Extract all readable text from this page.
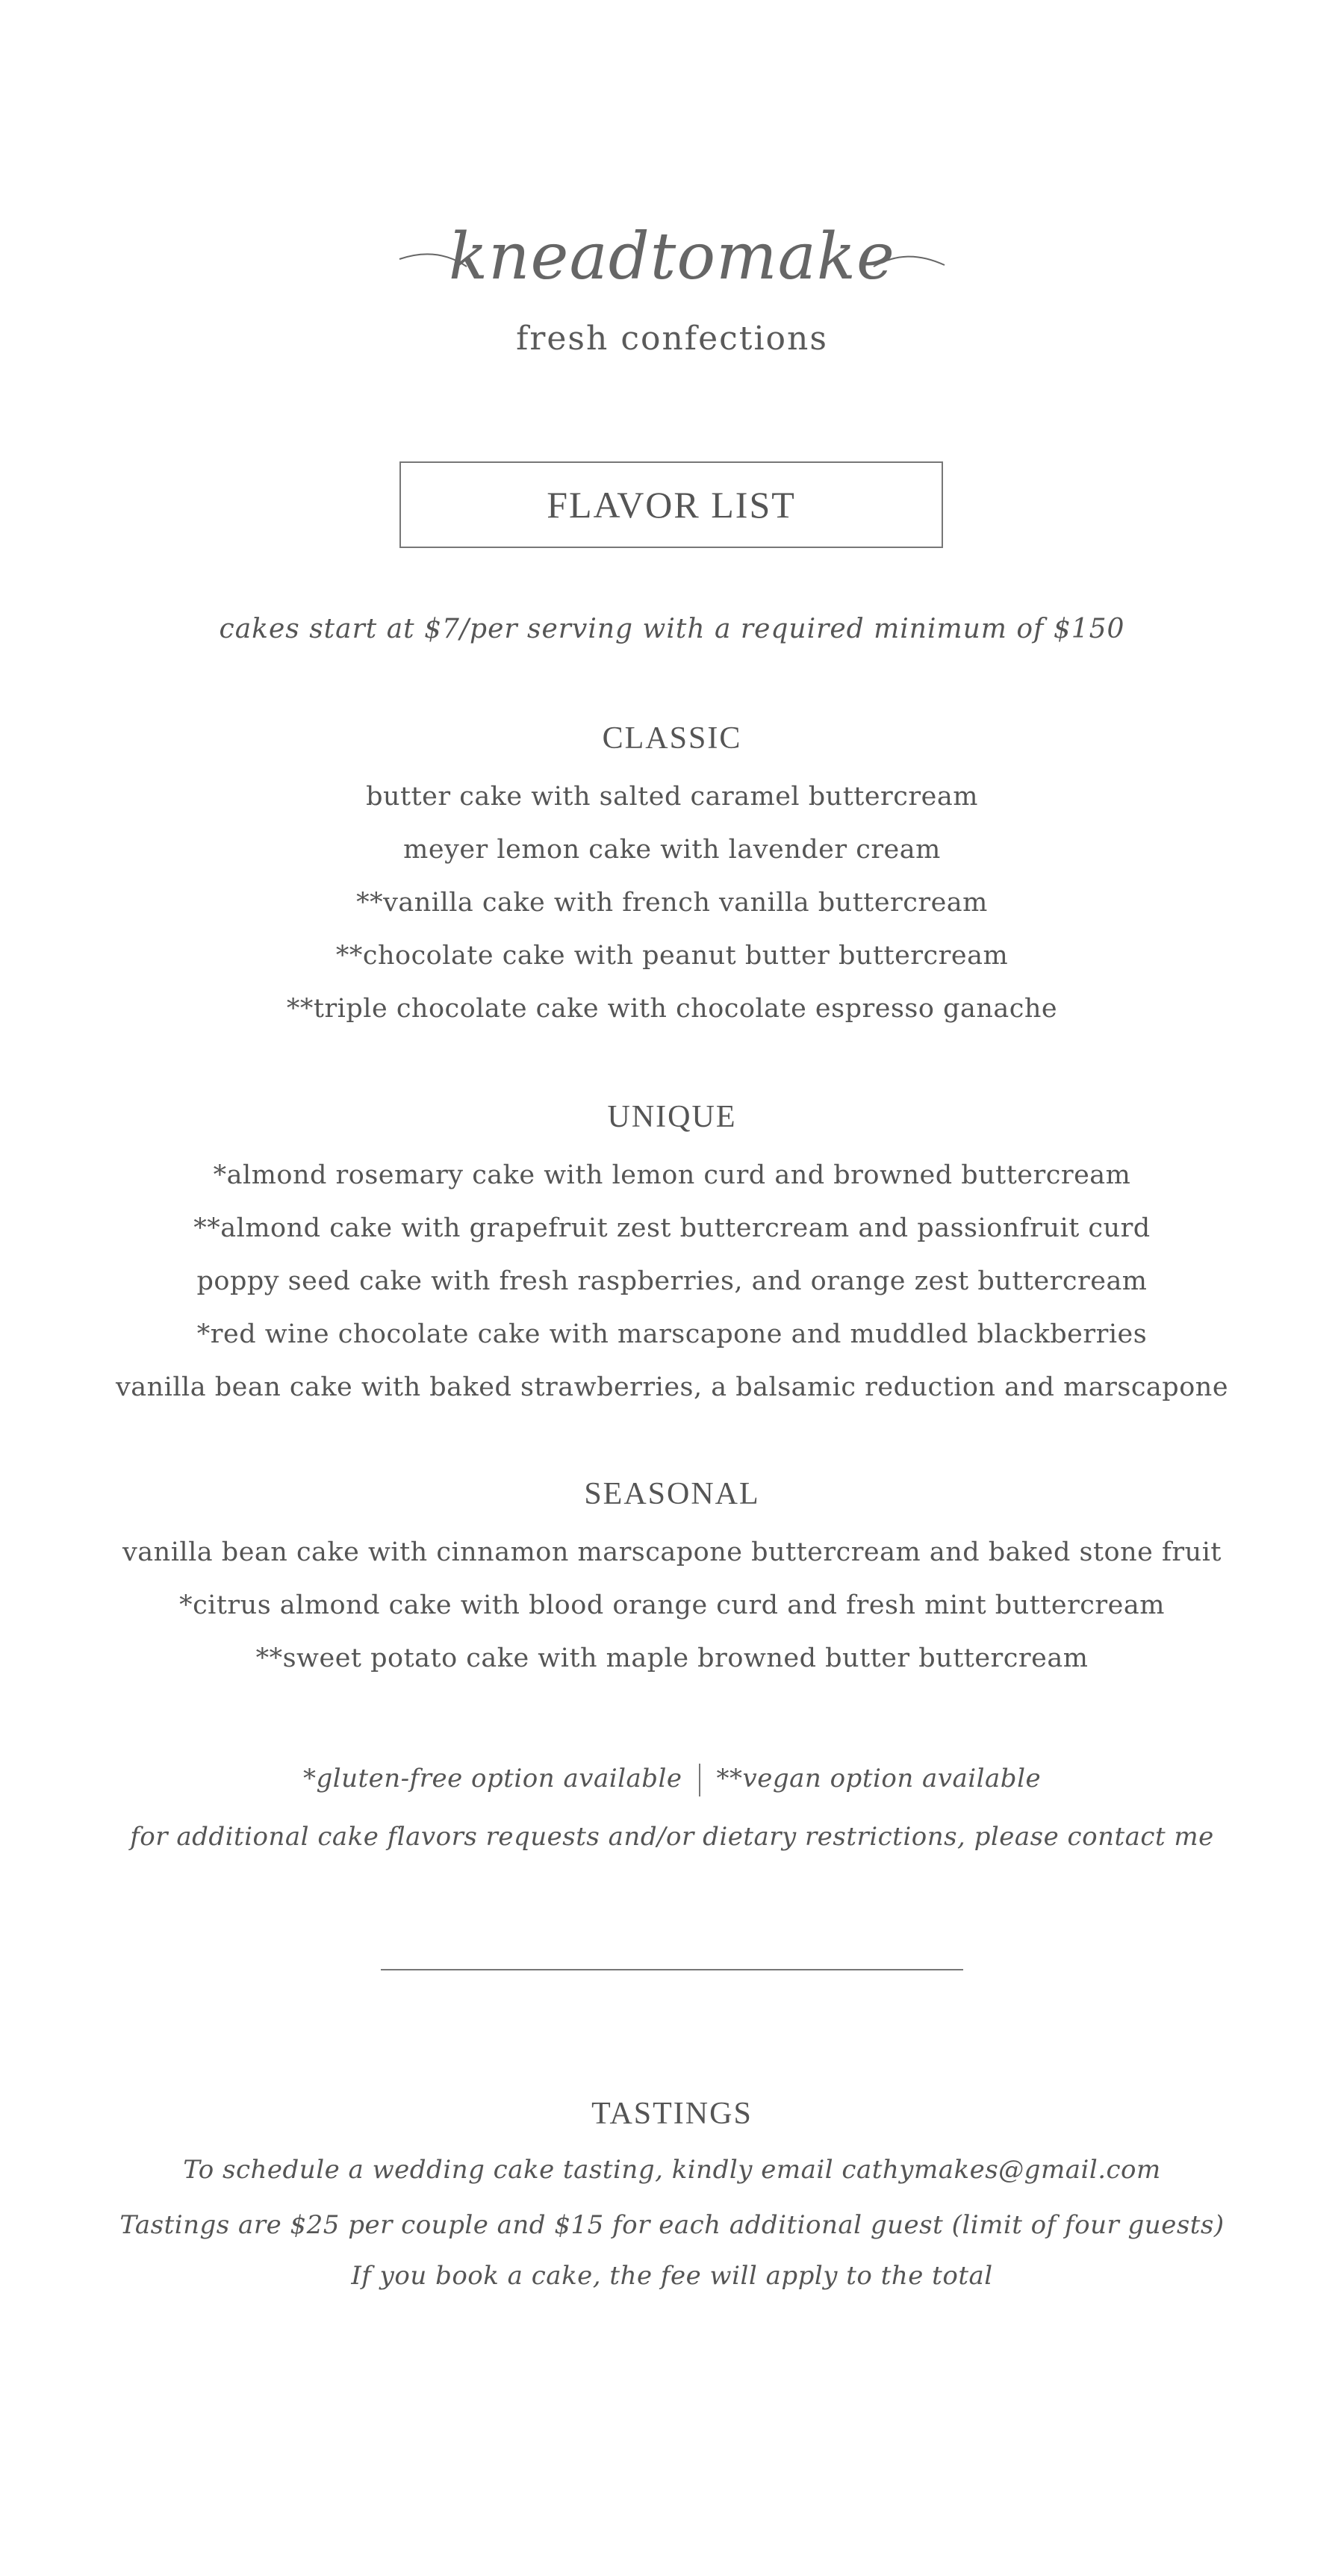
kneadtomake
fresh confections
FLAVOR LIST
cakes start at $7/per serving with a required minimum of $150
CLASSIC
butter cake with salted caramel buttercream
meyer lemon cake with lavender cream
**vanilla cake with french vanilla buttercream
**chocolate cake with peanut butter buttercream
**triple chocolate cake with chocolate espresso ganache
UNIQUE
*almond rosemary cake with lemon curd and browned buttercream
**almond cake with grapefruit zest buttercream and passionfruit curd
poppy seed cake with fresh raspberries, and orange zest buttercream
*red wine chocolate cake with marscapone and muddled blackberries
vanilla bean cake with baked strawberries, a balsamic reduction and marscapone
SEASONAL
vanilla bean cake with cinnamon marscapone buttercream and baked stone fruit
*citrus almond cake with blood orange curd and fresh mint buttercream
**sweet potato cake with maple browned butter buttercream
*gluten-free option available **vegan option available
for additional cake flavors requests and/or dietary restrictions, please contact me
TASTINGS
To schedule a wedding cake tasting, kindly email cathymakes@gmail.com
Tastings are $25 per couple and $15 for each additional guest (limit of four guests)
If you book a cake, the fee will apply to the total
